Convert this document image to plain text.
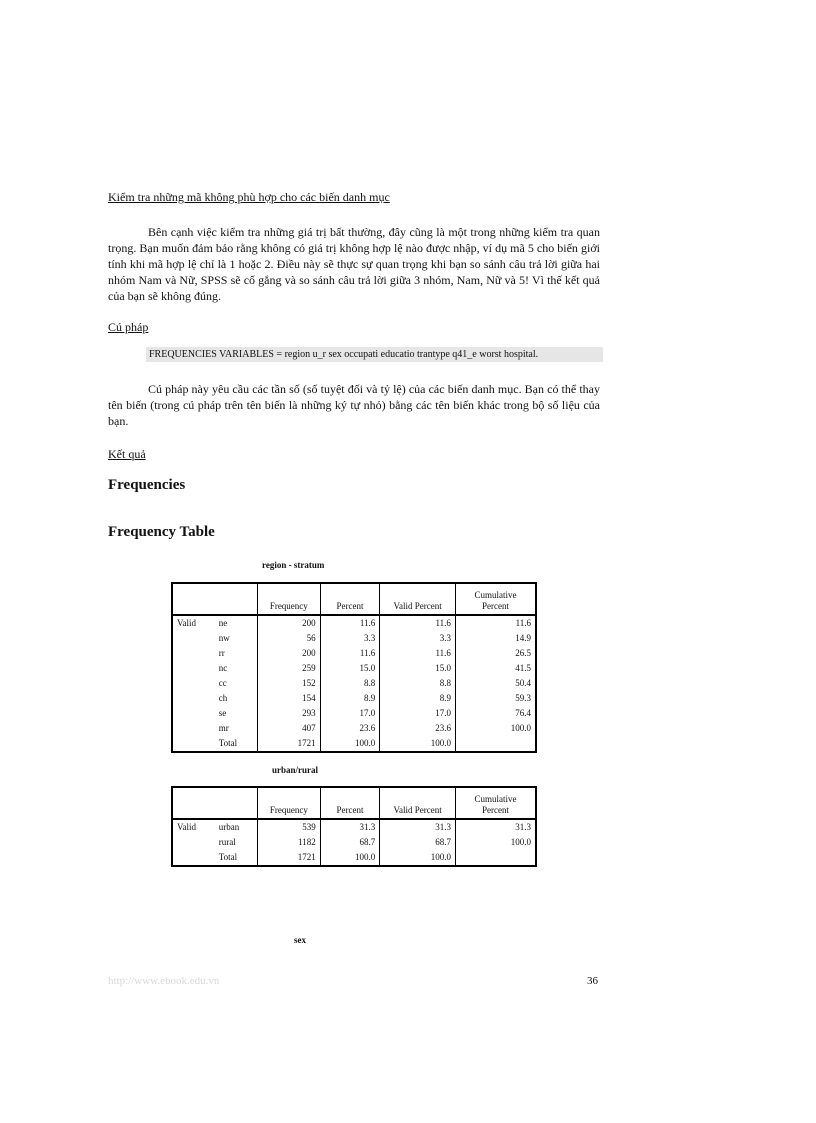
Kiểm tra những mã không phù hợp cho các biến danh mục
Bên cạnh việc kiểm tra những giá trị bất thường, đây cũng là một trong những kiểm tra quan trọng. Bạn muốn đảm bảo rằng không có giá trị không hợp lệ nào được nhập, ví dụ mã 5 cho biến giới tính khi mã hợp lệ chỉ là 1 hoặc 2. Điều này sẽ thực sự quan trọng khi bạn so sánh câu trả lời giữa hai nhóm Nam và Nữ, SPSS sẽ cố gắng và so sánh câu trả lời giữa 3 nhóm, Nam, Nữ và 5! Vì thế kết quả của bạn sẽ không đúng.
Cú pháp
FREQUENCIES VARIABLES = region u_r sex occupati educatio trantype q41_e worst hospital.
Cú pháp này yêu cầu các tần số (số tuyệt đối và tỷ lệ) của các biến danh mục. Bạn có thể thay tên biến (trong cú pháp trên tên biến là những ký tự nhỏ) bằng các tên biến khác trong bộ số liệu của bạn.
Kết quả
Frequencies
Frequency Table
region - stratum
		Frequency	Percent	Valid Percent	Cumulative
Percent
Valid	ne	200	11.6	11.6	11.6
	nw	56	3.3	3.3	14.9
	rr	200	11.6	11.6	26.5
	nc	259	15.0	15.0	41.5
	cc	152	8.8	8.8	50.4
	ch	154	8.9	8.9	59.3
	se	293	17.0	17.0	76.4
	mr	407	23.6	23.6	100.0
	Total	1721	100.0	100.0	
urban/rural
		Frequency	Percent	Valid Percent	Cumulative
Percent
Valid	urban	539	31.3	31.3	31.3
	rural	1182	68.7	68.7	100.0
	Total	1721	100.0	100.0	
sex
http://www.ebook.edu.vn	36
